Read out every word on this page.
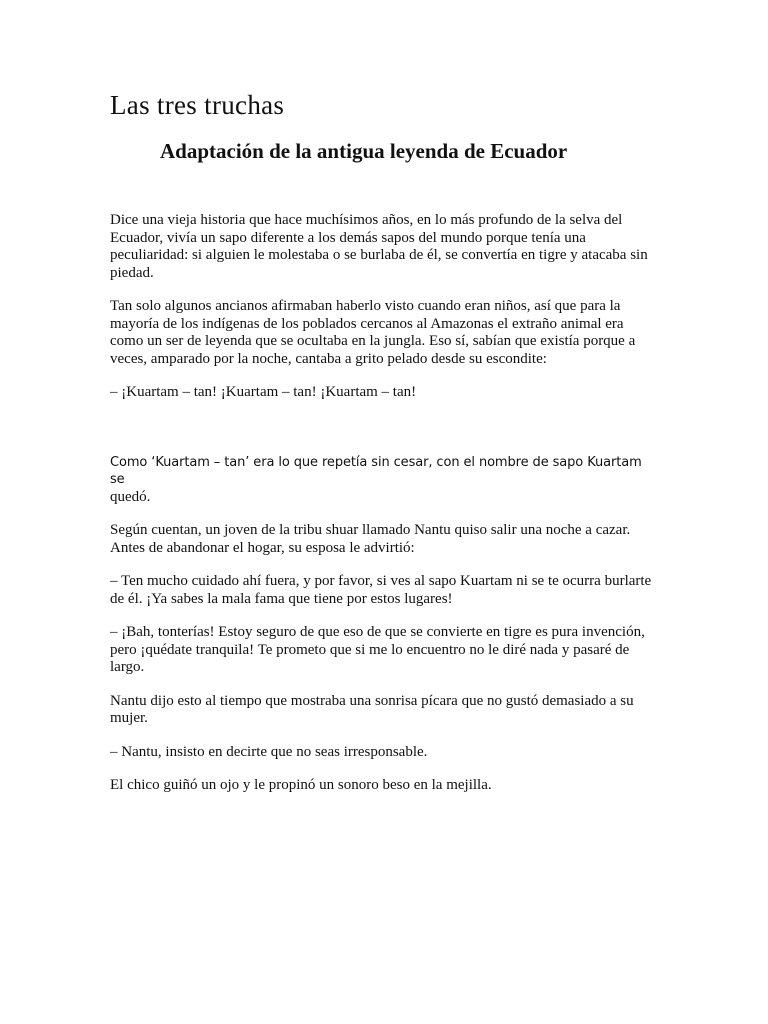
Las tres truchas
Adaptación de la antigua leyenda de Ecuador

Dice una vieja historia que hace muchísimos años, en lo más profundo de la selva del Ecuador, vivía un sapo diferente a los demás sapos del mundo porque tenía una peculiaridad: si alguien le molestaba o se burlaba de él, se convertía en tigre y atacaba sin piedad.

Tan solo algunos ancianos afirmaban haberlo visto cuando eran niños, así que para la mayoría de los indígenas de los poblados cercanos al Amazonas el extraño animal era como un ser de leyenda que se ocultaba en la jungla. Eso sí, sabían que existía porque a veces, amparado por la noche, cantaba a grito pelado desde su escondite:

– ¡Kuartam – tan! ¡Kuartam – tan! ¡Kuartam – tan!

Como ‘Kuartam – tan’ era lo que repetía sin cesar, con el nombre de sapo Kuartam se
quedó.

Según cuentan, un joven de la tribu shuar llamado Nantu quiso salir una noche a cazar. Antes de abandonar el hogar, su esposa le advirtió:

– Ten mucho cuidado ahí fuera, y por favor, si ves al sapo Kuartam ni se te ocurra burlarte de él. ¡Ya sabes la mala fama que tiene por estos lugares!

– ¡Bah, tonterías! Estoy seguro de que eso de que se convierte en tigre es pura invención, pero ¡quédate tranquila! Te prometo que si me lo encuentro no le diré nada y pasaré de largo.

Nantu dijo esto al tiempo que mostraba una sonrisa pícara que no gustó demasiado a su mujer.

– Nantu, insisto en decirte que no seas irresponsable.

El chico guiñó un ojo y le propinó un sonoro beso en la mejilla.
